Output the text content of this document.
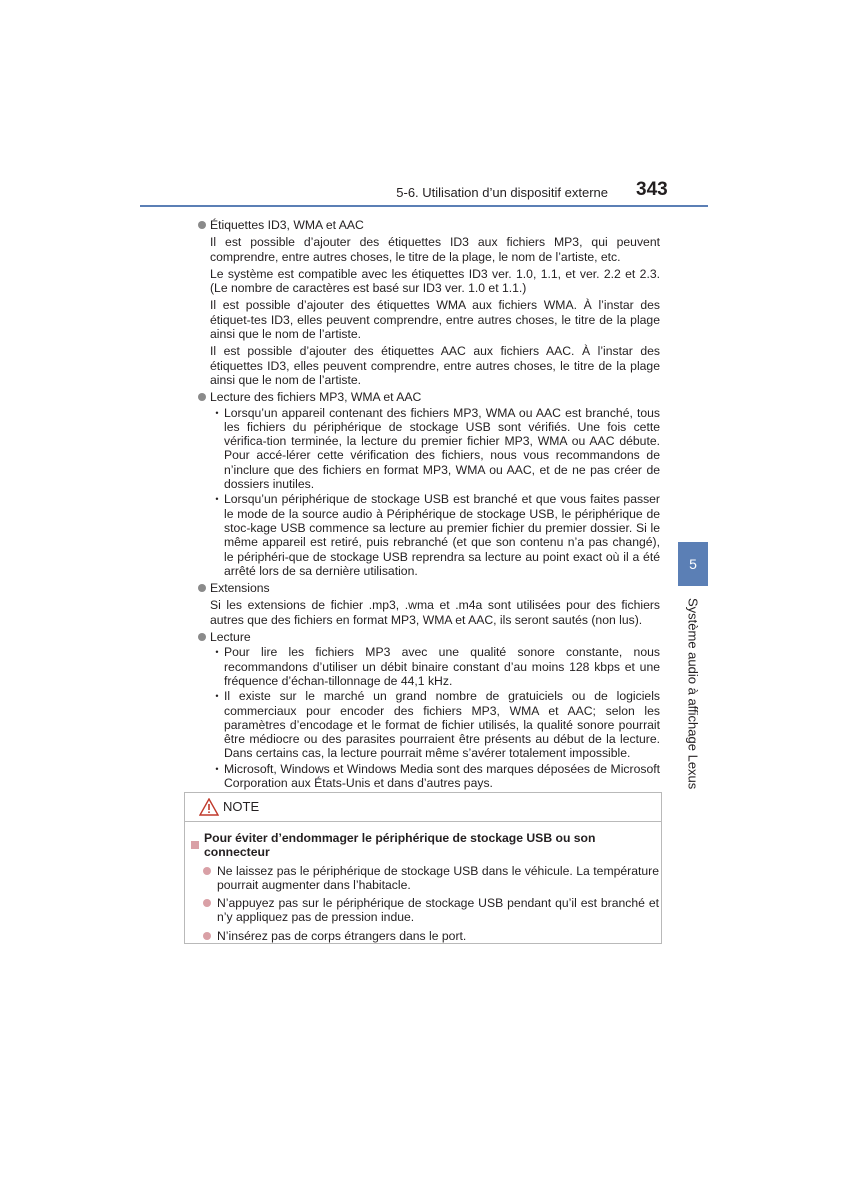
5-6. Utilisation d’un dispositif externe 343
5
Système audio à affichage Lexus
Étiquettes ID3, WMA et AAC
Il est possible d’ajouter des étiquettes ID3 aux fichiers MP3, qui peuvent comprendre, entre autres choses, le titre de la plage, le nom de l’artiste, etc.
Le système est compatible avec les étiquettes ID3 ver. 1.0, 1.1, et ver. 2.2 et 2.3. (Le nombre de caractères est basé sur ID3 ver. 1.0 et 1.1.)
Il est possible d’ajouter des étiquettes WMA aux fichiers WMA. À l’instar des étiquet-tes ID3, elles peuvent comprendre, entre autres choses, le titre de la plage ainsi que le nom de l’artiste.
Il est possible d’ajouter des étiquettes AAC aux fichiers AAC. À l’instar des étiquettes ID3, elles peuvent comprendre, entre autres choses, le titre de la plage ainsi que le nom de l’artiste.
Lecture des fichiers MP3, WMA et AAC
• Lorsqu’un appareil contenant des fichiers MP3, WMA ou AAC est branché, tous les fichiers du périphérique de stockage USB sont vérifiés. Une fois cette vérifica-tion terminée, la lecture du premier fichier MP3, WMA ou AAC débute. Pour accé-lérer cette vérification des fichiers, nous vous recommandons de n’inclure que des fichiers en format MP3, WMA ou AAC, et de ne pas créer de dossiers inutiles.
• Lorsqu’un périphérique de stockage USB est branché et que vous faites passer le mode de la source audio à Périphérique de stockage USB, le périphérique de stoc-kage USB commence sa lecture au premier fichier du premier dossier. Si le même appareil est retiré, puis rebranché (et que son contenu n’a pas changé), le périphéri-que de stockage USB reprendra sa lecture au point exact où il a été arrêté lors de sa dernière utilisation.
Extensions
Si les extensions de fichier .mp3, .wma et .m4a sont utilisées pour des fichiers autres que des fichiers en format MP3, WMA et AAC, ils seront sautés (non lus).
Lecture
• Pour lire les fichiers MP3 avec une qualité sonore constante, nous recommandons d’utiliser un débit binaire constant d’au moins 128 kbps et une fréquence d’échan-tillonnage de 44,1 kHz.
• Il existe sur le marché un grand nombre de gratuiciels ou de logiciels commerciaux pour encoder des fichiers MP3, WMA et AAC; selon les paramètres d’encodage et le format de fichier utilisés, la qualité sonore pourrait être médiocre ou des parasites pourraient être présents au début de la lecture. Dans certains cas, la lecture pourrait même s’avérer totalement impossible.
• Microsoft, Windows et Windows Media sont des marques déposées de Microsoft Corporation aux États-Unis et dans d’autres pays.
NOTE
Pour éviter d’endommager le périphérique de stockage USB ou son connecteur
Ne laissez pas le périphérique de stockage USB dans le véhicule. La température pourrait augmenter dans l’habitacle.
N’appuyez pas sur le périphérique de stockage USB pendant qu’il est branché et n’y appliquez pas de pression indue.
N’insérez pas de corps étrangers dans le port.
